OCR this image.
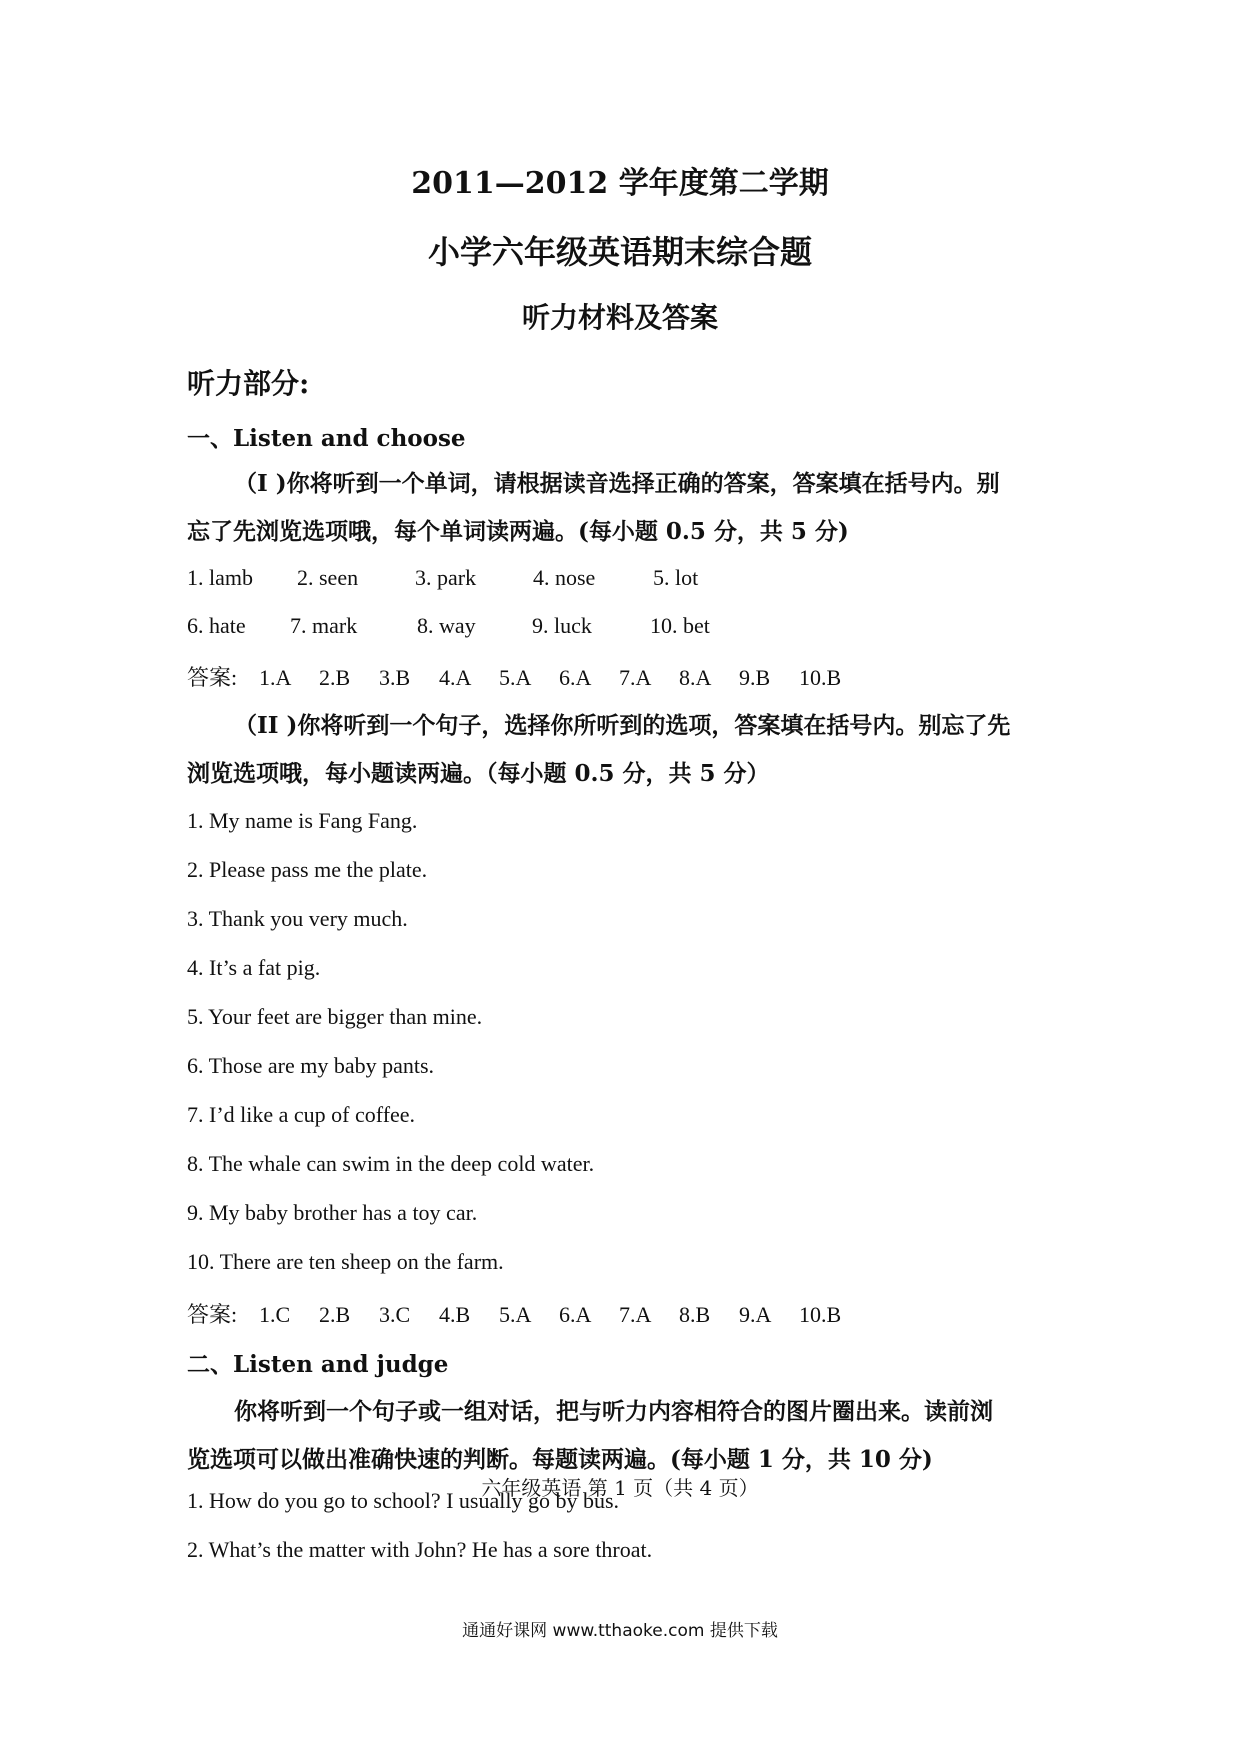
2011—2012 学年度第二学期
小学六年级英语期末综合题
听力材料及答案
听力部分:
一、Listen and choose
（I )你将听到一个单词，请根据读音选择正确的答案，答案填在括号内。别
忘了先浏览选项哦，每个单词读两遍。(每小题 0.5 分，共 5 分)
1. lamb 2. seen	3. park	4. nose	5. lot
6. hate 7. mark	8. way	9. luck	10. bet
答案: 1.A 2.B 3.B 4.A 5.A 6.A 7.A 8.A 9.B 10.B
（II )你将听到一个句子，选择你所听到的选项，答案填在括号内。别忘了先
浏览选项哦，每小题读两遍。（每小题 0.5 分，共 5 分）
1. My name is Fang Fang.
2. Please pass me the plate.
3. Thank you very much.
4. It’s a fat pig.
5. Your feet are bigger than mine.
6. Those are my baby pants.
7. I’d like a cup of coffee.
8. The whale can swim in the deep cold water.
9. My baby brother has a toy car.
10. There are ten sheep on the farm.
答案: 1.C 2.B 3.C 4.B 5.A 6.A 7.A 8.B 9.A 10.B
二、Listen and judge
你将听到一个句子或一组对话，把与听力内容相符合的图片圈出来。读前浏
览选项可以做出准确快速的判断。每题读两遍。(每小题 1 分，共 10 分)
六年级英语 第 1 页（共 4 页）
1. How do you go to school? I usually go by bus.
2. What’s the matter with John? He has a sore throat.
通通好课网 www.tthaoke.com 提供下载
